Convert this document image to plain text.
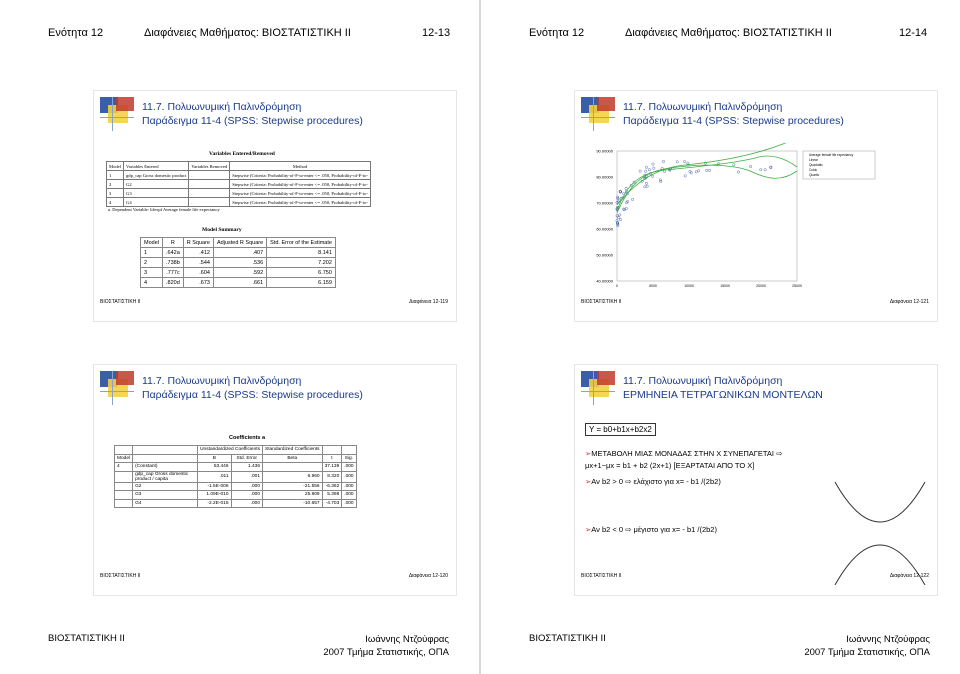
Ενότητα 12	Διαφάνειες Μαθήματος: ΒΙΟΣΤΑΤΙΣΤΙΚΗ ΙΙ	12-13
11.7. Πολυωνυμική Παλινδρόμηση
Παράδειγμα 11-4 (SPSS: Stepwise procedures)
Variables Entered/Removed
Model	Variables Entered	Variables Removed	Method
1	gdp_cap Gross domestic product	.	Stepwise (Criteria: Probability-of-F-to-enter <= .050, Probability-of-F-to-
2	G2	.	Stepwise (Criteria: Probability-of-F-to-enter <= .050, Probability-of-F-to-
3	G3	.	Stepwise (Criteria: Probability-of-F-to-enter <= .050, Probability-of-F-to-
4	G4	.	Stepwise (Criteria: Probability-of-F-to-enter <= .050, Probability-of-F-to-
a. Dependent Variable: lifexpf Average female life expectancy
Model Summary
Model	R	R Square	Adjusted R Square	Std. Error of the Estimate
1	.642a	.412	.407	8.141
2	.738b	.544	.536	7.202
3	.777c	.604	.592	6.750
4	.820d	.673	.661	6.159
ΒΙΟΣΤΑΤΙΣΤΙΚΗ ΙΙ	Διαφάνεια 12-119
11.7. Πολυωνυμική Παλινδρόμηση
Παράδειγμα 11-4 (SPSS: Stepwise procedures)
Coefficients a
		Unstandardized Coefficients		Standardized Coefficients		
Model		B	Std. Error	Beta	t	Sig.
4	(Constant)	53.446	1.436		37.139	.000
	gdp_cap Gross domestic product / capita	.011	.001	6.960	8.320	.000
	G2	-1.5E-006	.000	-21.556	-6.362	.000
	G3	1.09E-010	.000	25.909	5.398	.000
	G4	-2.2E-015	.000	-10.657	-4.703	.000
ΒΙΟΣΤΑΤΙΣΤΙΚΗ ΙΙ	Διαφάνεια 12-120
ΒΙΟΣΤΑΤΙΣΤΙΚΗ ΙΙ	Ιωάννης Ντζούφρας
2007 Τμήμα Στατιστικής, ΟΠΑ
Ενότητα 12	Διαφάνειες Μαθήματος: ΒΙΟΣΤΑΤΙΣΤΙΚΗ ΙΙ	12-14
11.7. Πολυωνυμική Παλινδρόμηση
Παράδειγμα 11-4 (SPSS: Stepwise procedures)
90.00000
80.00000
70.00000
60.00000
50.00000
40.00000
0	5000	10000	15000	20000	25000
Average female life expectancy
Linear
Quadratic
Cubic
Quartic
ΒΙΟΣΤΑΤΙΣΤΙΚΗ ΙΙ	Διαφάνεια 12-121
11.7. Πολυωνυμική Παλινδρόμηση
ΕΡΜΗΝΕΙΑ ΤΕΤΡΑΓΩΝΙΚΩΝ ΜΟΝΤΕΛΩΝ
Y = b0+b1x+b2x2
➢ΜΕΤΑΒΟΛΗ ΜΙΑΣ ΜΟΝΑΔΑΣ ΣΤΗΝ Χ ΣΥΝΕΠΑΓΕΤΑΙ ⇨
μx+1−μx = b1 + b2 (2x+1) [ΕΞΑΡΤΑΤΑΙ ΑΠΟ ΤΟ Χ]
➢Αν b2 > 0 ⇨ ελάχιστο για x= - b1 /(2b2)
➢Αν b2 < 0 ⇨ μέγιστο για x= - b1 /(2b2)
ΒΙΟΣΤΑΤΙΣΤΙΚΗ ΙΙ	Διαφάνεια 12-122
ΒΙΟΣΤΑΤΙΣΤΙΚΗ ΙΙ	Ιωάννης Ντζούφρας
2007 Τμήμα Στατιστικής, ΟΠΑ
